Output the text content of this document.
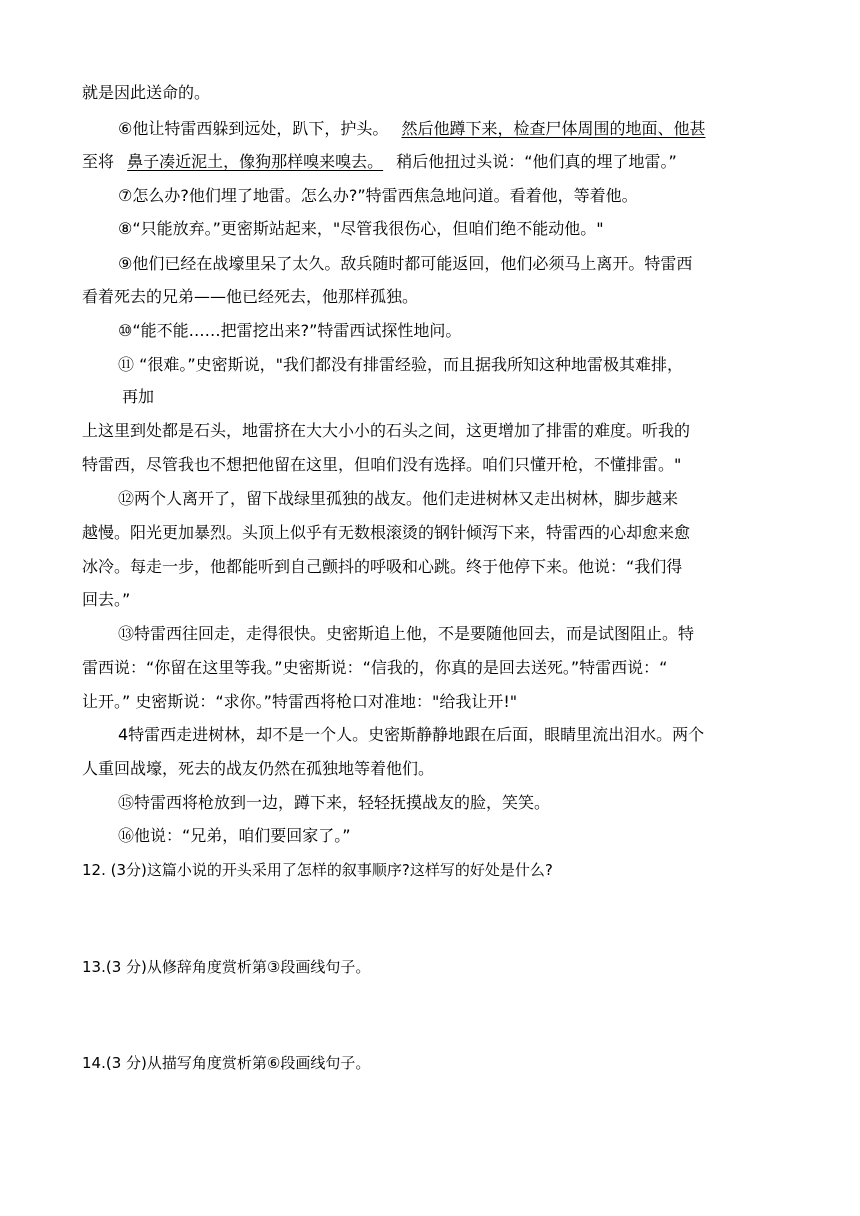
就是因此送命的。
⑥他让特雷西躲到远处，趴下，护头。 然后他蹲下来，检查尸体周围的地面、他甚
至将 鼻子凑近泥土，像狗那样嗅来嗅去。 稍后他扭过头说：“他们真的埋了地雷。”
⑦怎么办?他们埋了地雷。怎么办?”特雷西焦急地问道。看着他，等着他。
⑧“只能放弃。”更密斯站起来，"尽管我很伤心，但咱们绝不能动他。"
⑨他们已经在战壕里呆了太久。敌兵随时都可能返回，他们必须马上离开。特雷西
看着死去的兄弟——他已经死去，他那样孤独。
⑩“能不能……把雷挖出来?”特雷西试探性地问。
⑪ “很难。”史密斯说，"我们都没有排雷经验，而且据我所知这种地雷极其难排，
再加
上这里到处都是石头，地雷挤在大大小小的石头之间，这更增加了排雷的难度。听我的
特雷西，尽管我也不想把他留在这里，但咱们没有选择。咱们只懂开枪，不懂排雷。"
⑫两个人离开了，留下战绿里孤独的战友。他们走进树林又走出树林，脚步越来
越慢。阳光更加暴烈。头顶上似乎有无数根滚烫的钢针倾泻下来，特雷西的心却愈来愈
冰冷。每走一步，他都能听到自己颤抖的呼吸和心跳。终于他停下来。他说：“我们得
回去。”
⑬特雷西往回走，走得很快。史密斯追上他，不是要随他回去，而是试图阻止。特
雷西说：“你留在这里等我。”史密斯说：“信我的，你真的是回去送死。”特雷西说：“
让开。” 史密斯说：“求你。”特雷西将枪口对准地："给我让开!"
4特雷西走进树林，却不是一个人。史密斯静静地跟在后面，眼睛里流出泪水。两个
人重回战壕，死去的战友仍然在孤独地等着他们。
⑮特雷西将枪放到一边，蹲下来，轻轻抚摸战友的脸，笑笑。
⑯他说：“兄弟，咱们要回家了。”
12. (3分)这篇小说的开头采用了怎样的叙事顺序?这样写的好处是什么?
13.(3 分)从修辞角度赏析第③段画线句子。
14.(3 分)从描写角度赏析第⑥段画线句子。
